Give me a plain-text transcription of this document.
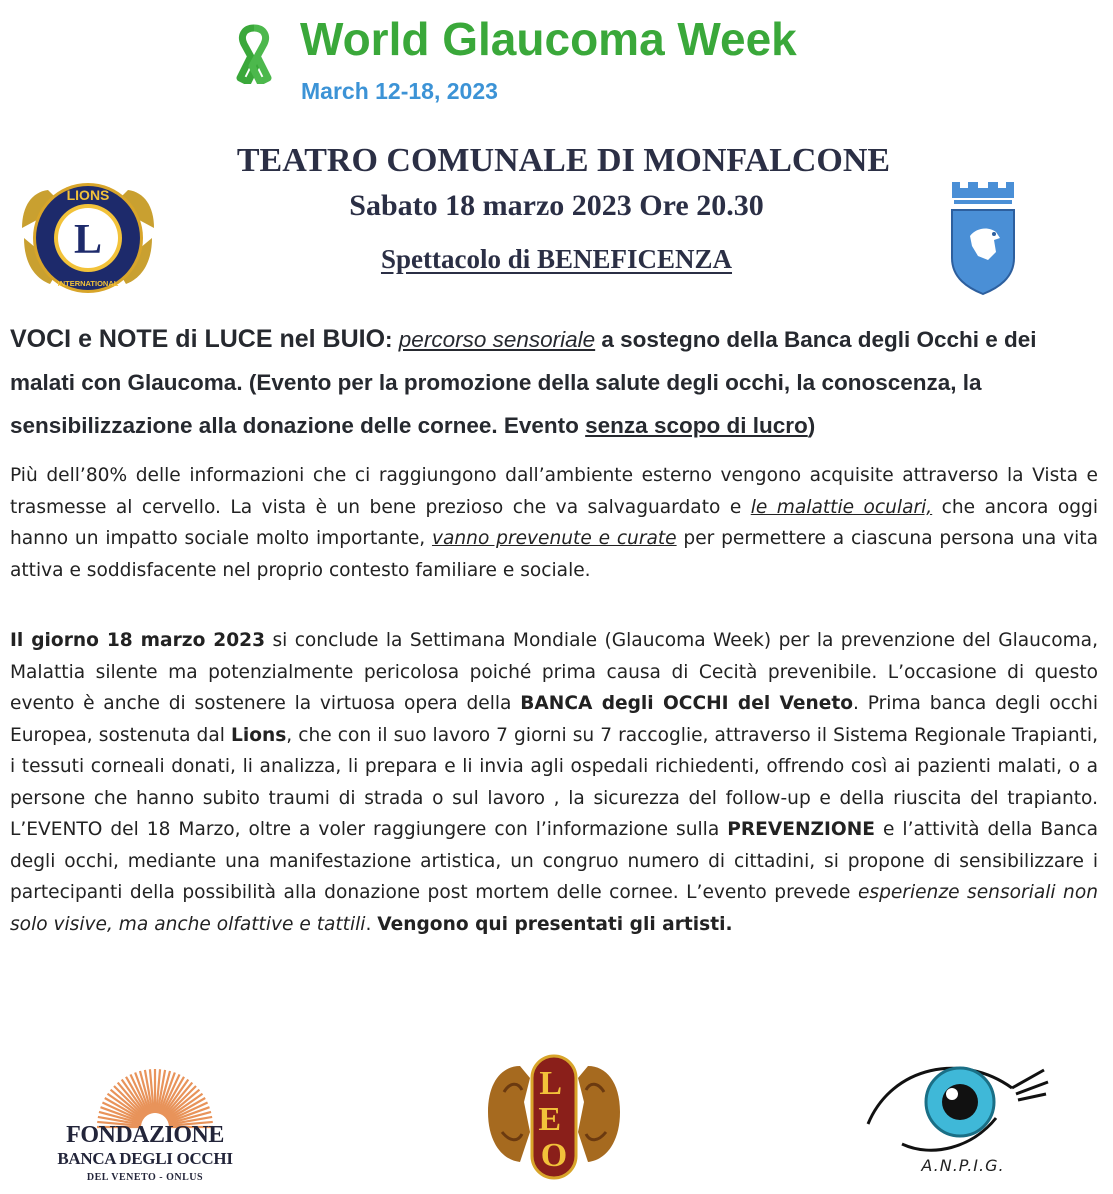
World Glaucoma Week
March 12-18, 2023
TEATRO COMUNALE DI MONFALCONE
Sabato 18 marzo 2023 Ore 20.30
Spettacolo di BENEFICENZA
L
LIONS
INTERNATIONAL
VOCI e NOTE di LUCE nel BUIO: percorso sensoriale a sostegno della Banca degli Occhi e dei malati con Glaucoma. (Evento per la promozione della salute degli occhi, la conoscenza, la sensibilizzazione alla donazione delle cornee. Evento senza scopo di lucro)
Più dell’80% delle informazioni che ci raggiungono dall’ambiente esterno vengono acquisite attraverso la Vista e trasmesse al cervello. La vista è un bene prezioso che va salvaguardato e le malattie oculari, che ancora oggi hanno un impatto sociale molto importante, vanno prevenute e curate per permettere a ciascuna persona una vita attiva e soddisfacente nel proprio contesto familiare e sociale.
Il giorno 18 marzo 2023 si conclude la Settimana Mondiale (Glaucoma Week) per la prevenzione del Glaucoma, Malattia silente ma potenzialmente pericolosa poiché prima causa di Cecità prevenibile. L’occasione di questo evento è anche di sostenere la virtuosa opera della BANCA degli OCCHI del Veneto. Prima banca degli occhi Europea, sostenuta dal Lions, che con il suo lavoro 7 giorni su 7 raccoglie, attraverso il Sistema Regionale Trapianti, i tessuti corneali donati, li analizza, li prepara e li invia agli ospedali richiedenti, offrendo così ai pazienti malati, o a persone che hanno subito traumi di strada o sul lavoro , la sicurezza del follow-up e della riuscita del trapianto. L’EVENTO del 18 Marzo, oltre a voler raggiungere con l’informazione sulla PREVENZIONE e l’attività della Banca degli occhi, mediante una manifestazione artistica, un congruo numero di cittadini, si propone di sensibilizzare i partecipanti della possibilità alla donazione post mortem delle cornee. L’evento prevede esperienze sensoriali non solo visive, ma anche olfattive e tattili. Vengono qui presentati gli artisti.
FONDAZIONE
BANCA DEGLI OCCHI
DEL VENETO - ONLUS
L E O	A.N.P.I.G.
